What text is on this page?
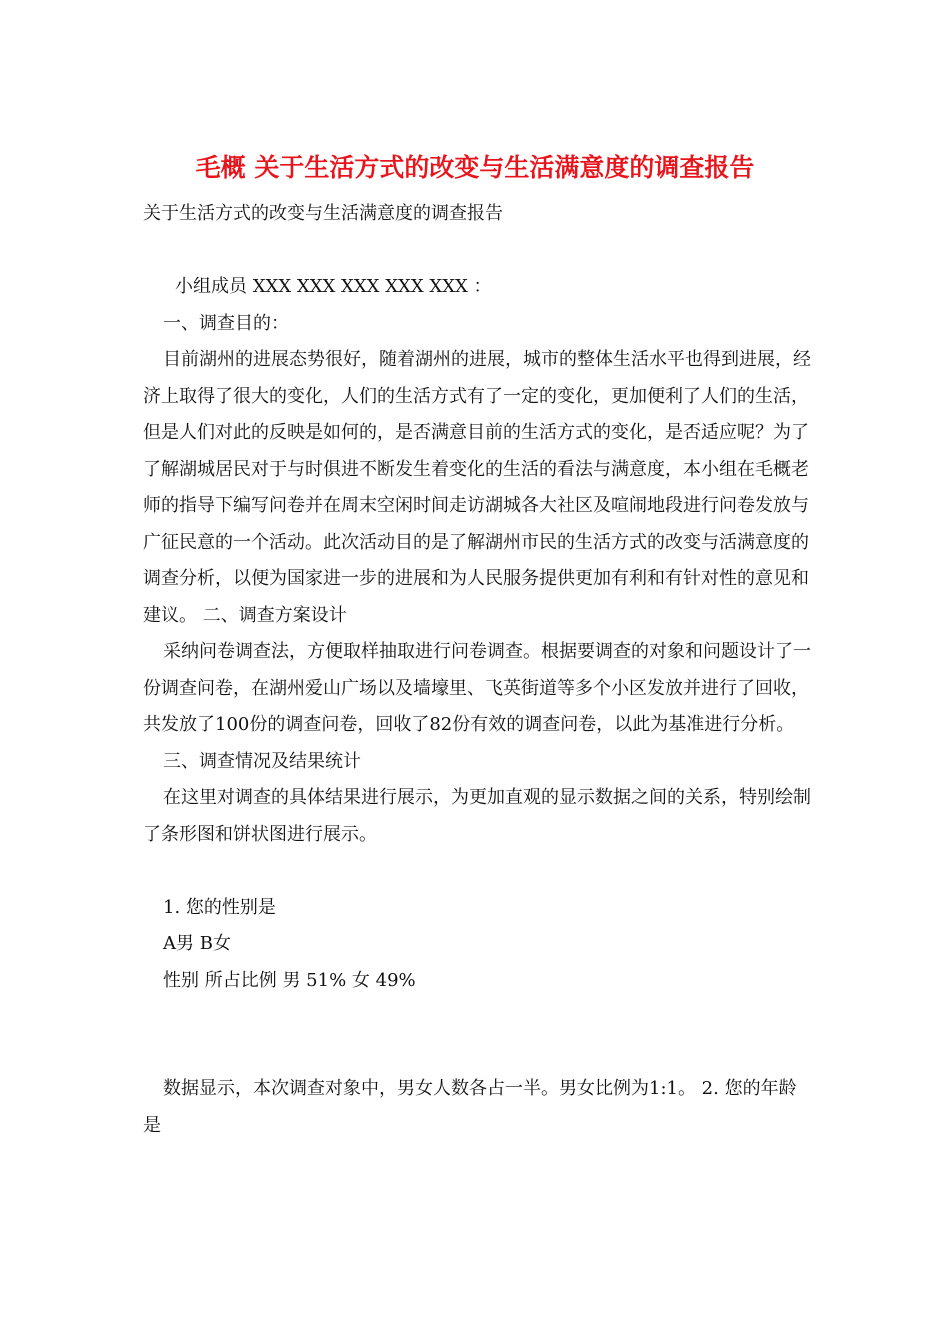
毛概 关于生活方式的改变与生活满意度的调查报告

关于生活方式的改变与生活满意度的调查报告

小组成员 XXX XXX XXX XXX XXX ：

一、调查目的：

目前湖州的进展态势很好，随着湖州的进展，城市的整体生活水平也得到进展，经济上取得了很大的变化，人们的生活方式有了一定的变化，更加便利了人们的生活，但是人们对此的反映是如何的，是否满意目前的生活方式的变化，是否适应呢？为了了解湖城居民对于与时俱进不断发生着变化的生活的看法与满意度，本小组在毛概老师的指导下编写问卷并在周末空闲时间走访湖城各大社区及喧闹地段进行问卷发放与广征民意的一个活动。此次活动目的是了解湖州市民的生活方式的改变与活满意度的调查分析，以便为国家进一步的进展和为人民服务提供更加有利和有针对性的意见和建议。 二、调查方案设计

采纳问卷调查法，方便取样抽取进行问卷调查。根据要调查的对象和问题设计了一份调查问卷，在湖州爱山广场以及墙壕里、飞英街道等多个小区发放并进行了回收，共发放了100份的调查问卷，回收了82份有效的调查问卷，以此为基准进行分析。

三、调查情况及结果统计

在这里对调查的具体结果进行展示，为更加直观的显示数据之间的关系，特别绘制了条形图和饼状图进行展示。

1. 您的性别是

A男 B女

性别 所占比例 男 51% 女 49%

数据显示，本次调查对象中，男女人数各占一半。男女比例为1:1。 2. 您的年龄是
